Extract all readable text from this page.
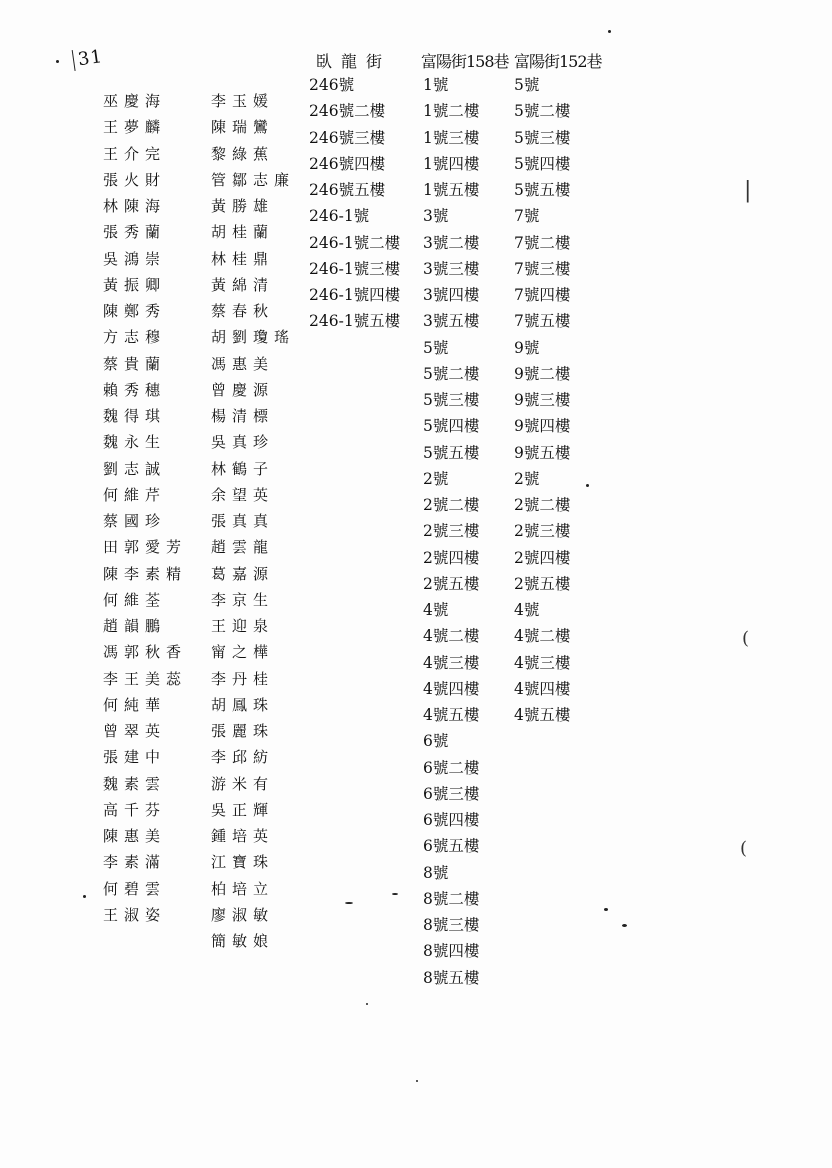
31	臥龍街 富陽街158巷 富陽街152巷
巫慶海
王夢麟
王介完
張火財
林陳海
張秀蘭
吳鴻崇
黃振卿
陳鄭秀
方志穆
蔡貴蘭
賴秀穗
魏得琪
魏永生
劉志誠
何維芹
蔡國珍
田郭愛芳
陳李素精
何維荃
趙韻鵬
馮郭秋香
李王美蕊
何純華
曾翠英
張建中
魏素雲
高千芬
陳惠美
李素滿
何碧雲
王淑姿
李玉媛
陳瑞鸞
黎綠蕉
管鄒志廉
黃勝雄
胡桂蘭
林桂鼎
黃綿清
蔡春秋
胡劉瓊瑤
馮惠美
曾慶源
楊清標
吳真珍
林鶴子
余望英
張真真
趙雲龍
葛嘉源
李京生
王迎泉
甯之樺
李丹桂
胡鳳珠
張麗珠
李邱紡
游米有
吳正輝
鍾培英
江寶珠
柏培立
廖淑敏
簡敏娘
246號
246號二樓
246號三樓
246號四樓
246號五樓
246-1號
246-1號二樓
246-1號三樓
246-1號四樓
246-1號五樓
1號
1號二樓
1號三樓
1號四樓
1號五樓
3號
3號二樓
3號三樓
3號四樓
3號五樓
5號
5號二樓
5號三樓
5號四樓
5號五樓
2號
2號二樓
2號三樓
2號四樓
2號五樓
4號
4號二樓
4號三樓
4號四樓
4號五樓
6號
6號二樓
6號三樓
6號四樓
6號五樓
8號
8號二樓
8號三樓
8號四樓
8號五樓
5號
5號二樓
5號三樓
5號四樓
5號五樓
7號
7號二樓
7號三樓
7號四樓
7號五樓
9號
9號二樓
9號三樓
9號四樓
9號五樓
2號
2號二樓
2號三樓
2號四樓
2號五樓
4號
4號二樓
4號三樓
4號四樓
4號五樓
(
(
|
